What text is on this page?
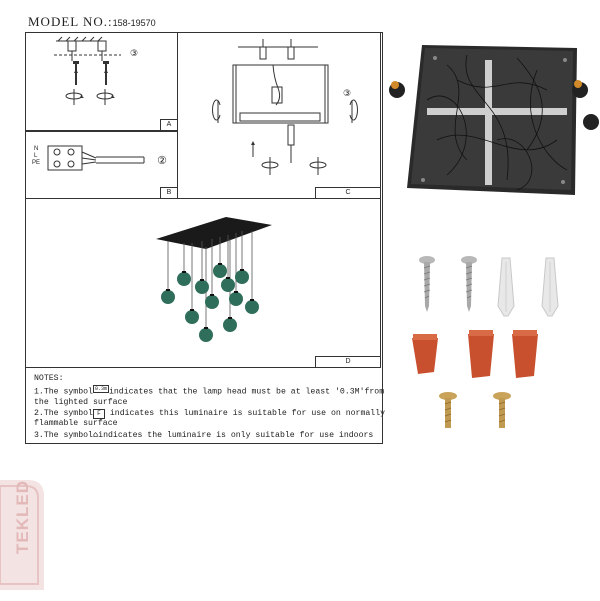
MODEL NO.:158-19570
③
A
N
L
PE	②
B
③
C
D
NOTES:
1.The symbol $^{0.3m}$ indicates that the lamp head must be at least '0.3M'from
the lighted surface
2.The symbol F indicates this luminaire is suitable for use on normally
flammable surface
3.The symbol⌂indicates the luminaire is only suitable for use indoors
TEKLED
